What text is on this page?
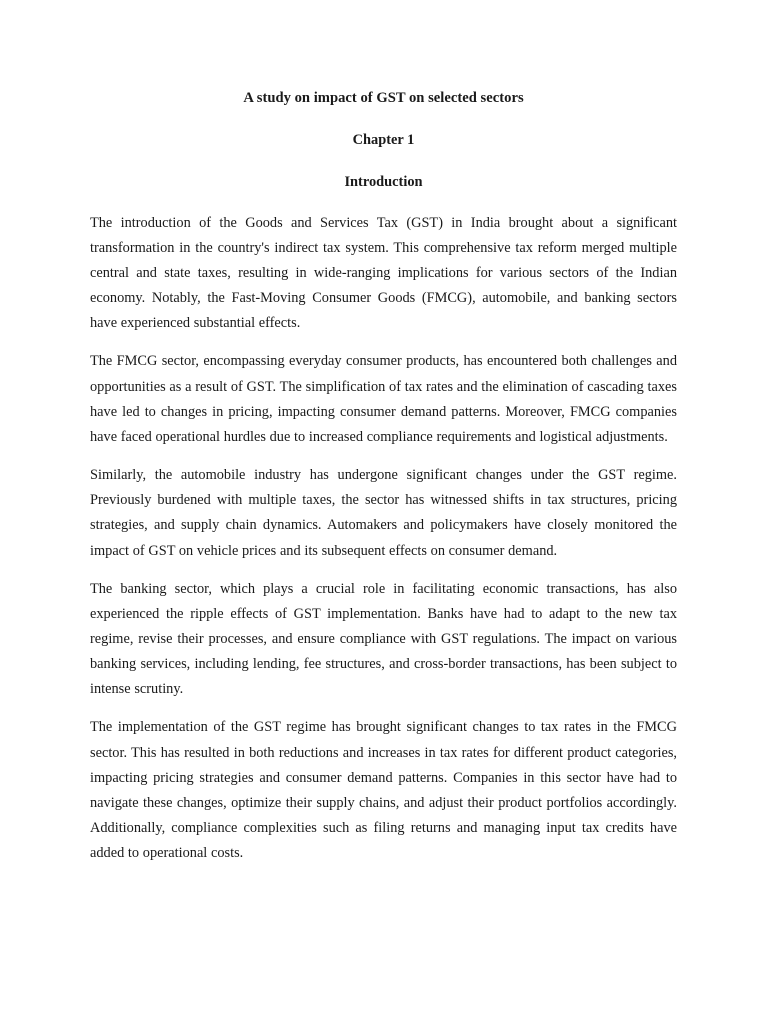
A study on impact of GST on selected sectors
Chapter 1
Introduction

The introduction of the Goods and Services Tax (GST) in India brought about a significant transformation in the country's indirect tax system. This comprehensive tax reform merged multiple central and state taxes, resulting in wide-ranging implications for various sectors of the Indian economy. Notably, the Fast-Moving Consumer Goods (FMCG), automobile, and banking sectors have experienced substantial effects.

The FMCG sector, encompassing everyday consumer products, has encountered both challenges and opportunities as a result of GST. The simplification of tax rates and the elimination of cascading taxes have led to changes in pricing, impacting consumer demand patterns. Moreover, FMCG companies have faced operational hurdles due to increased compliance requirements and logistical adjustments.

Similarly, the automobile industry has undergone significant changes under the GST regime. Previously burdened with multiple taxes, the sector has witnessed shifts in tax structures, pricing strategies, and supply chain dynamics. Automakers and policymakers have closely monitored the impact of GST on vehicle prices and its subsequent effects on consumer demand.

The banking sector, which plays a crucial role in facilitating economic transactions, has also experienced the ripple effects of GST implementation. Banks have had to adapt to the new tax regime, revise their processes, and ensure compliance with GST regulations. The impact on various banking services, including lending, fee structures, and cross-border transactions, has been subject to intense scrutiny.

The implementation of the GST regime has brought significant changes to tax rates in the FMCG sector. This has resulted in both reductions and increases in tax rates for different product categories, impacting pricing strategies and consumer demand patterns. Companies in this sector have had to navigate these changes, optimize their supply chains, and adjust their product portfolios accordingly. Additionally, compliance complexities such as filing returns and managing input tax credits have added to operational costs.
